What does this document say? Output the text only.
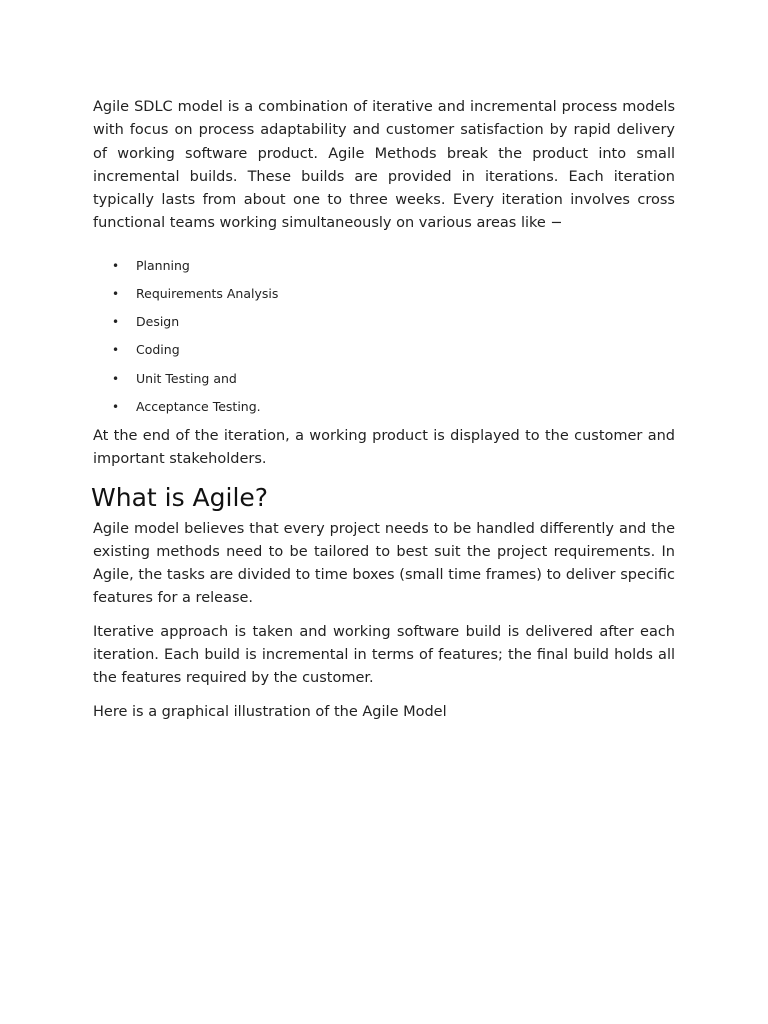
Agile SDLC model is a combination of iterative and incremental process models with focus on process adaptability and customer satisfaction by rapid delivery of working software product. Agile Methods break the product into small incremental builds. These builds are provided in iterations. Each iteration typically lasts from about one to three weeks. Every iteration involves cross functional teams working simultaneously on various areas like −

• Planning
• Requirements Analysis
• Design
• Coding
• Unit Testing and
• Acceptance Testing.

At the end of the iteration, a working product is displayed to the customer and important stakeholders.

What is Agile?

Agile model believes that every project needs to be handled differently and the existing methods need to be tailored to best suit the project requirements. In Agile, the tasks are divided to time boxes (small time frames) to deliver specific features for a release.

Iterative approach is taken and working software build is delivered after each iteration. Each build is incremental in terms of features; the final build holds all the features required by the customer.

Here is a graphical illustration of the Agile Model
